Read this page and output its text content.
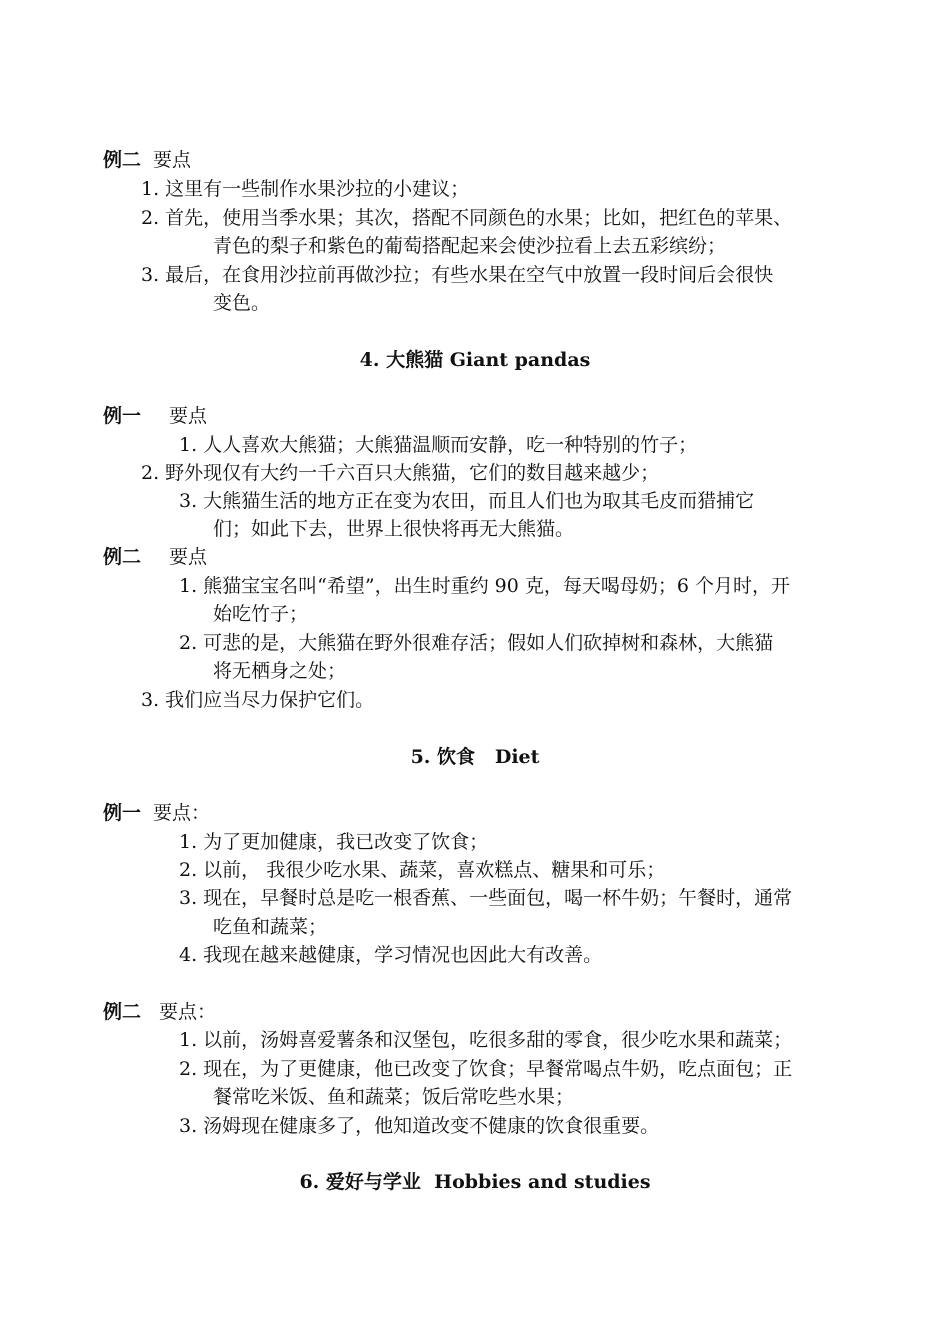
例二 要点
1. 这里有一些制作水果沙拉的小建议；
2. 首先，使用当季水果；其次，搭配不同颜色的水果；比如，把红色的苹果、
青色的梨子和紫色的葡萄搭配起来会使沙拉看上去五彩缤纷；
3. 最后，在食用沙拉前再做沙拉；有些水果在空气中放置一段时间后会很快
变色。
4. 大熊猫 Giant pandas
例一 要点
1. 人人喜欢大熊猫；大熊猫温顺而安静，吃一种特别的竹子；
2. 野外现仅有大约一千六百只大熊猫，它们的数目越来越少；
3. 大熊猫生活的地方正在变为农田，而且人们也为取其毛皮而猎捕它
们；如此下去，世界上很快将再无大熊猫。
例二 要点
1. 熊猫宝宝名叫“希望”，出生时重约 90 克，每天喝母奶；6 个月时，开
始吃竹子；
2. 可悲的是，大熊猫在野外很难存活；假如人们砍掉树和森林，大熊猫
将无栖身之处；
3. 我们应当尽力保护它们。
5. 饮食   Diet
例一 要点：
1. 为了更加健康，我已改变了饮食；
2. 以前， 我很少吃水果、蔬菜，喜欢糕点、糖果和可乐；
3. 现在，早餐时总是吃一根香蕉、一些面包，喝一杯牛奶；午餐时，通常
吃鱼和蔬菜；
4. 我现在越来越健康，学习情况也因此大有改善。
例二 要点：
1. 以前，汤姆喜爱薯条和汉堡包，吃很多甜的零食，很少吃水果和蔬菜；
2. 现在，为了更健康，他已改变了饮食；早餐常喝点牛奶，吃点面包；正
餐常吃米饭、鱼和蔬菜；饭后常吃些水果；
3. 汤姆现在健康多了，他知道改变不健康的饮食很重要。
6. 爱好与学业  Hobbies and studies
